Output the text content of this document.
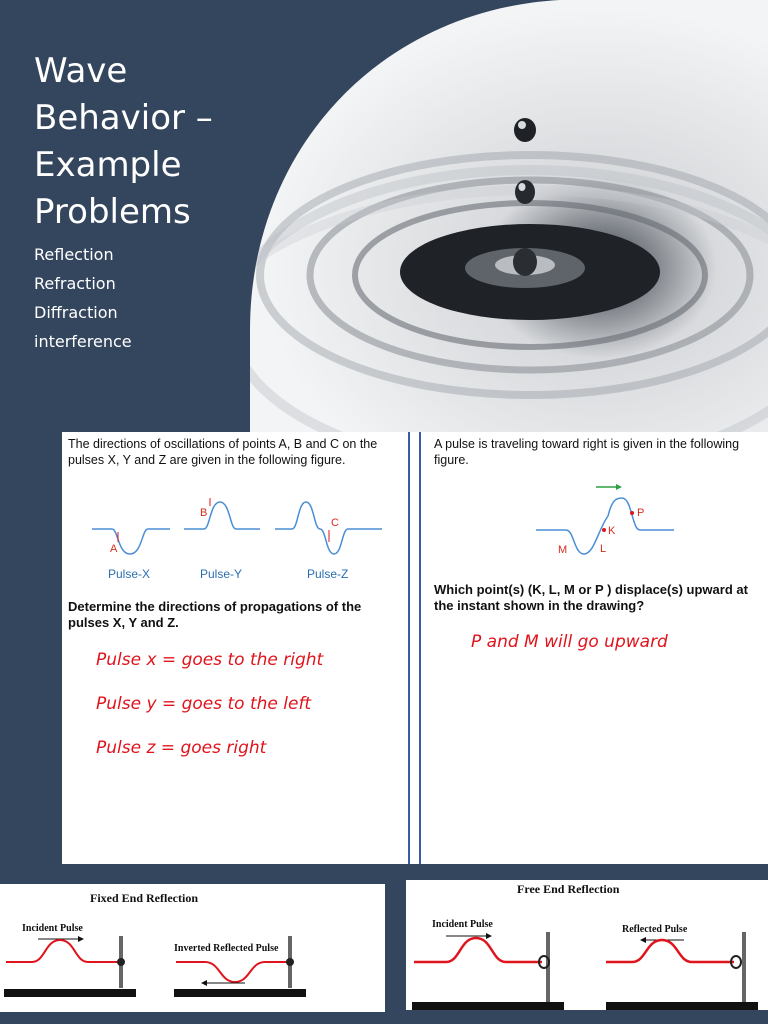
Wave Behavior – Example Problems
Reflection
Refraction
Diffraction
interference
The directions of oscillations of points A, B and C on the pulses X, Y and Z are given in the following figure.
A
B
C
Pulse-X	Pulse-Y	Pulse-Z
Determine the directions of propagations of the pulses X, Y and Z.
Pulse x = goes to the right
Pulse y = goes to the left
Pulse z = goes right
A pulse is traveling toward right is given in the following figure.
P
K
M	L
Which point(s) (K, L, M or P ) displace(s) upward at the instant shown in the drawing?
P and M will go upward
Fixed End Reflection
Incident Pulse
Inverted Reflected Pulse
Free End Reflection
Incident Pulse	Reflected Pulse
